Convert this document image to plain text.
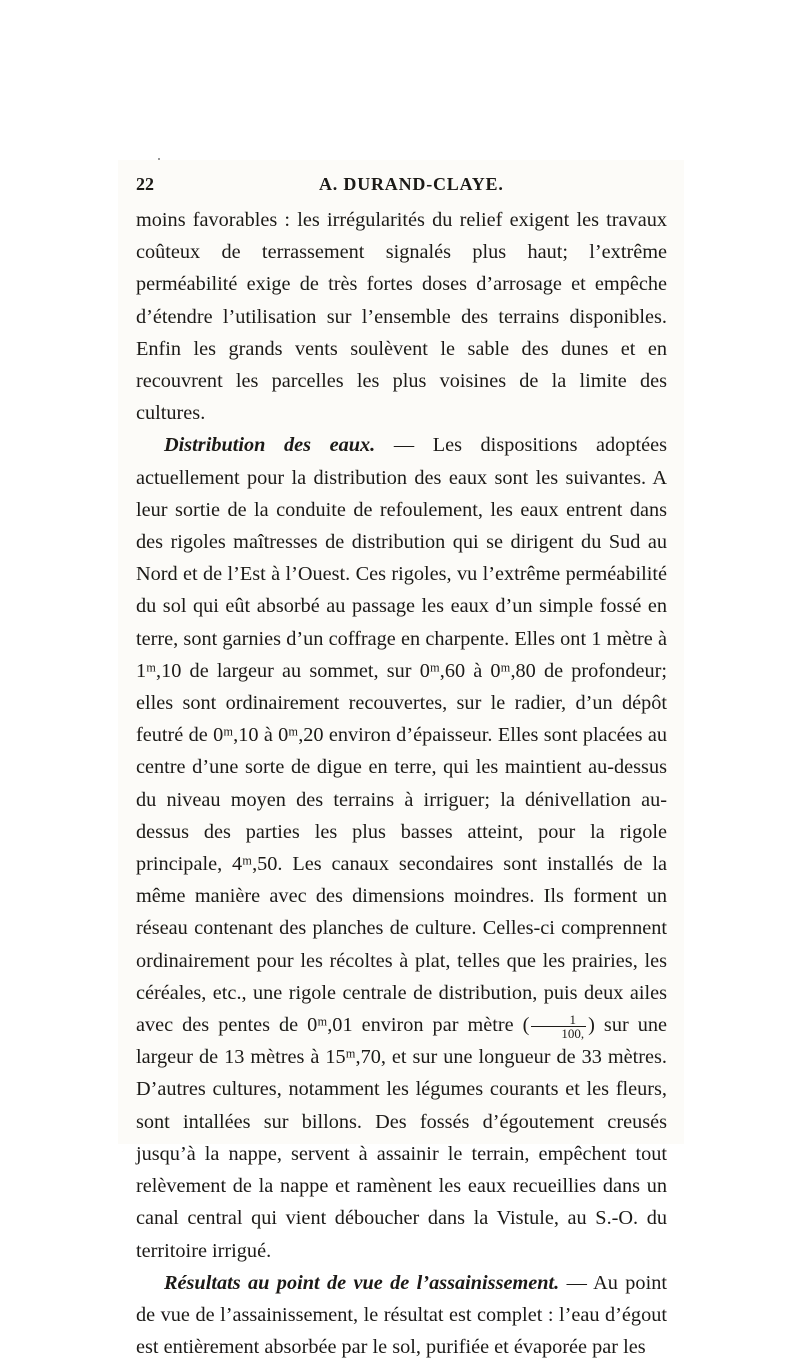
22	A. DURAND-CLAYE.

moins favorables : les irrégularités du relief exigent les travaux coûteux de terrassement signalés plus haut; l’extrême perméabilité exige de très fortes doses d’arrosage et empêche d’étendre l’utilisation sur l’ensemble des terrains disponibles. Enfin les grands vents soulèvent le sable des dunes et en recouvrent les parcelles les plus voisines de la limite des cultures.

Distribution des eaux. — Les dispositions adoptées actuellement pour la distribution des eaux sont les suivantes. A leur sortie de la conduite de refoulement, les eaux entrent dans des rigoles maîtresses de distribution qui se dirigent du Sud au Nord et de l’Est à l’Ouest. Ces rigoles, vu l’extrême perméabilité du sol qui eût absorbé au passage les eaux d’un simple fossé en terre, sont garnies d’un coffrage en charpente. Elles ont 1 mètre à 1ᵐ,10 de largeur au sommet, sur 0ᵐ,60 à 0ᵐ,80 de profondeur; elles sont ordinairement recouvertes, sur le radier, d’un dépôt feutré de 0ᵐ,10 à 0ᵐ,20 environ d’épaisseur. Elles sont placées au centre d’une sorte de digue en terre, qui les maintient au-dessus du niveau moyen des terrains à irriguer; la dénivellation au-dessus des parties les plus basses atteint, pour la rigole principale, 4ᵐ,50. Les canaux secondaires sont installés de la même manière avec des dimensions moindres. Ils forment un réseau contenant des planches de culture. Celles-ci comprennent ordinairement pour les récoltes à plat, telles que les prairies, les céréales, etc., une rigole centrale de distribution, puis deux ailes avec des pentes de 0ᵐ,01 environ par mètre ( $\frac{1}{100,}$ ) sur une largeur de 13 mètres à 15ᵐ,70, et sur une longueur de 33 mètres. D’autres cultures, notamment les légumes courants et les fleurs, sont intallées sur billons. Des fossés d’égoutement creusés jusqu’à la nappe, servent à assainir le terrain, empêchent tout relèvement de la nappe et ramènent les eaux recueillies dans un canal central qui vient déboucher dans la Vistule, au S.-O. du territoire irrigué.

Résultats au point de vue de l’assainissement. — Au point de vue de l’assainissement, le résultat est complet : l’eau d’égout est entièrement absorbée par le sol, purifiée et évaporée par les
